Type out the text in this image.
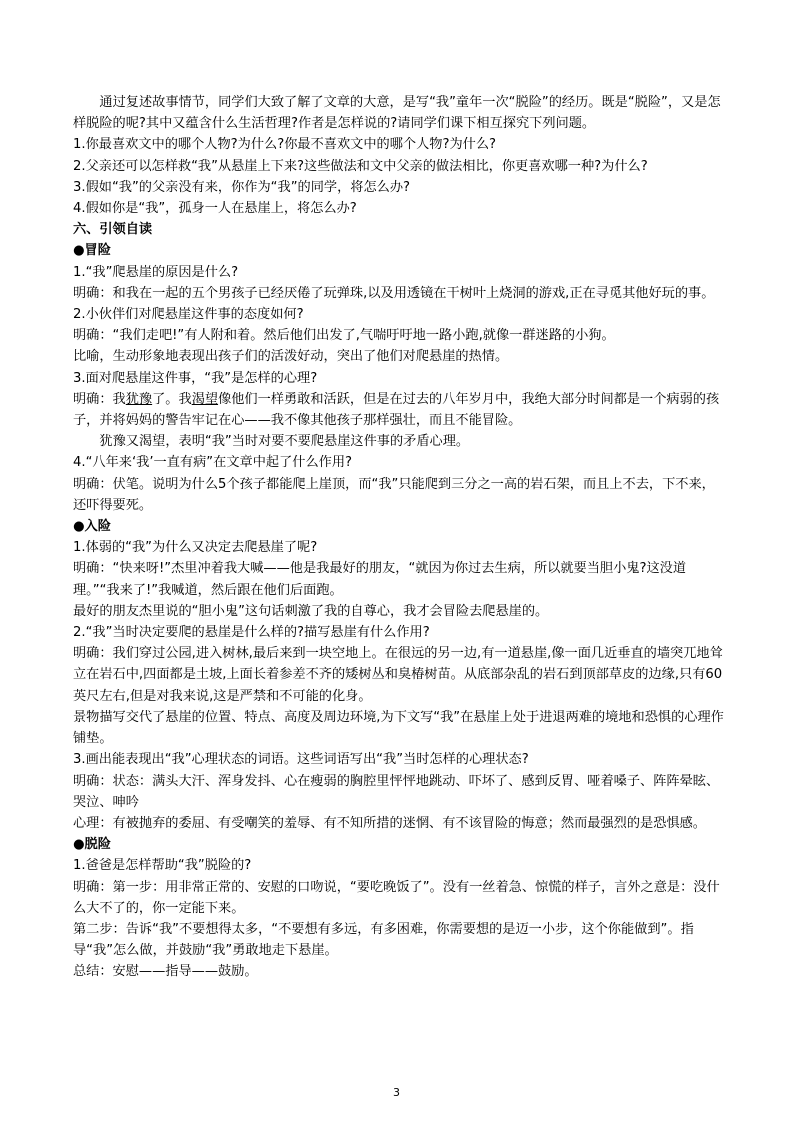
通过复述故事情节，同学们大致了解了文章的大意，是写“我”童年一次“脱险”的经历。既是“脱险”，又是怎样脱险的呢?其中又蕴含什么生活哲理?作者是怎样说的?请同学们课下相互探究下列问题。

1.你最喜欢文中的哪个人物?为什么?你最不喜欢文中的哪个人物?为什么?

2.父亲还可以怎样救“我”从悬崖上下来?这些做法和文中父亲的做法相比，你更喜欢哪一种?为什么?

3.假如“我”的父亲没有来，你作为“我”的同学，将怎么办?

4.假如你是“我”，孤身一人在悬崖上，将怎么办?

六、引领自读

● 冒险

1.“我”爬悬崖的原因是什么?

明确：和我在一起的五个男孩子已经厌倦了玩弹珠,以及用透镜在干树叶上烧洞的游戏,正在寻觅其他好玩的事。

2.小伙伴们对爬悬崖这件事的态度如何?

明确：“我们走吧!”有人附和着。然后他们出发了,气喘吁吁地一路小跑,就像一群迷路的小狗。

比喻，生动形象地表现出孩子们的活泼好动，突出了他们对爬悬崖的热情。

3.面对爬悬崖这件事，“我”是怎样的心理?

明确：我犹豫了。我渴望像他们一样勇敢和活跃，但是在过去的八年岁月中，我绝大部分时间都是一个病弱的孩子，并将妈妈的警告牢记在心——我不像其他孩子那样强壮，而且不能冒险。

犹豫又渴望，表明“我”当时对要不要爬悬崖这件事的矛盾心理。

4.“八年来‘我’一直有病”在文章中起了什么作用?

明确：伏笔。说明为什么5个孩子都能爬上崖顶，而“我”只能爬到三分之一高的岩石架，而且上不去，下不来，还吓得要死。

● 入险

1.体弱的“我”为什么又决定去爬悬崖了呢?

明确：“快来呀!”杰里冲着我大喊——他是我最好的朋友，“就因为你过去生病，所以就要当胆小鬼?这没道理。”“我来了!”我喊道，然后跟在他们后面跑。

最好的朋友杰里说的“胆小鬼”这句话刺激了我的自尊心，我才会冒险去爬悬崖的。

2.“我”当时决定要爬的悬崖是什么样的?描写悬崖有什么作用?

明确：我们穿过公园,进入树林,最后来到一块空地上。在很远的另一边,有一道悬崖,像一面几近垂直的墙突兀地耸立在岩石中,四面都是土坡,上面长着参差不齐的矮树丛和臭椿树苗。从底部杂乱的岩石到顶部草皮的边缘,只有60英尺左右,但是对我来说,这是严禁和不可能的化身。

景物描写交代了悬崖的位置、特点、高度及周边环境,为下文写“我”在悬崖上处于进退两难的境地和恐惧的心理作铺垫。

3.画出能表现出“我”心理状态的词语。这些词语写出“我”当时怎样的心理状态?

明确：状态：满头大汗、浑身发抖、心在瘦弱的胸腔里怦怦地跳动、吓坏了、感到反胃、哑着嗓子、阵阵晕眩、哭泣、呻吟

心理：有被抛弃的委屈、有受嘲笑的羞辱、有不知所措的迷惘、有不该冒险的悔意；然而最强烈的是恐惧感。

● 脱险

1.爸爸是怎样帮助“我”脱险的?

明确：第一步：用非常正常的、安慰的口吻说，“要吃晚饭了”。没有一丝着急、惊慌的样子，言外之意是：没什么大不了的，你一定能下来。

第二步：告诉“我”不要想得太多，“不要想有多远，有多困难，你需要想的是迈一小步，这个你能做到”。指导“我”怎么做，并鼓励“我”勇敢地走下悬崖。

总结：安慰——指导——鼓励。

3
